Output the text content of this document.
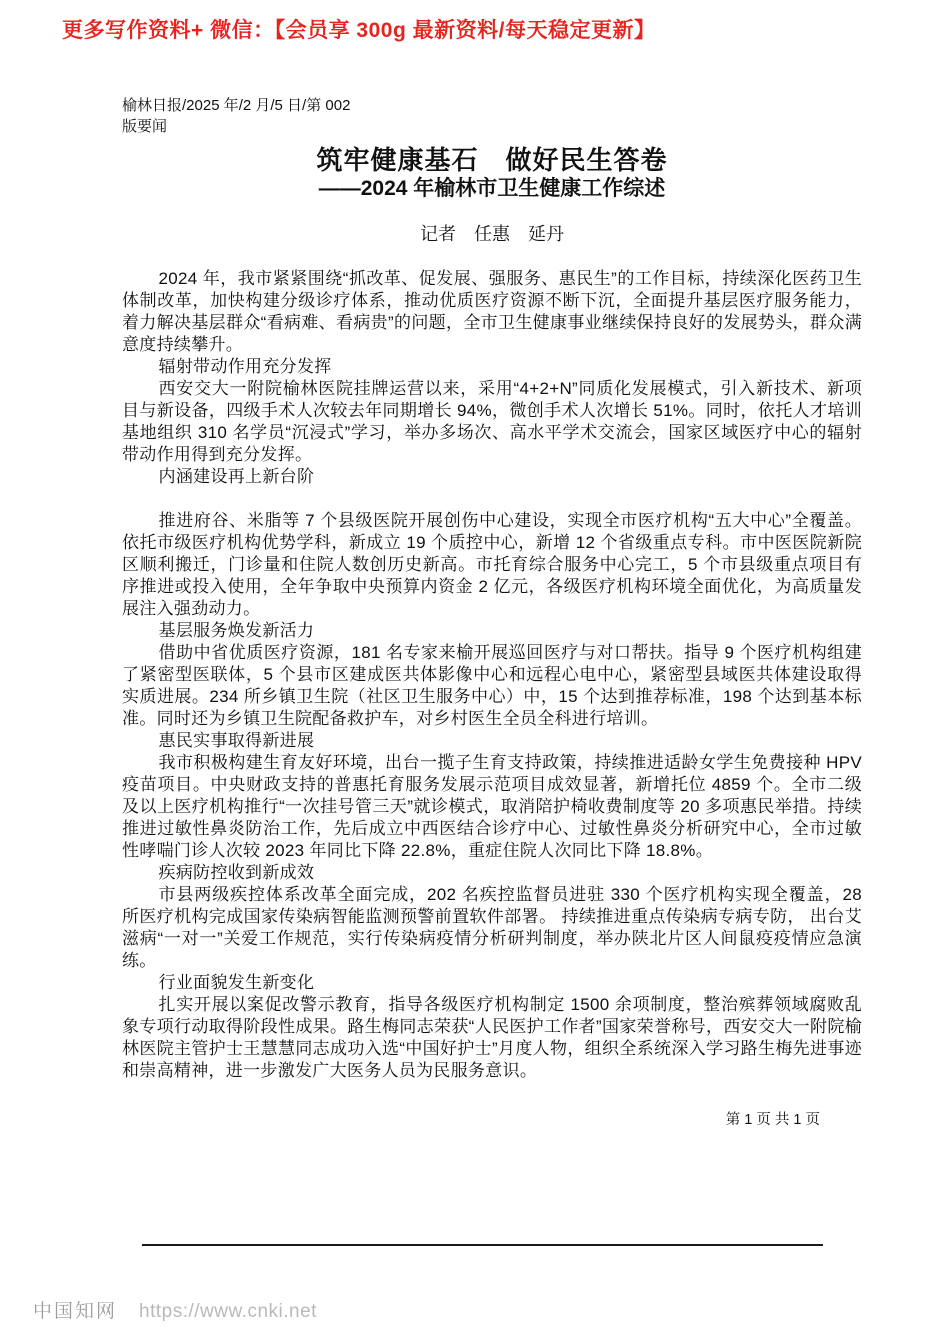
更多写作资料+ 微信：【会员享 300g 最新资料/每天稳定更新】
榆林日报/2025 年/2 月/5 日/第 002
版要闻
筑牢健康基石　做好民生答卷
——2024 年榆林市卫生健康工作综述
记者　任惠　延丹
2024 年，我市紧紧围绕“抓改革、促发展、强服务、惠民生”的工作目标，持续深化医药卫生体制改革，加快构建分级诊疗体系，推动优质医疗资源不断下沉，全面提升基层医疗服务能力，着力解决基层群众“看病难、看病贵”的问题，全市卫生健康事业继续保持良好的发展势头，群众满意度持续攀升。
辐射带动作用充分发挥
西安交大一附院榆林医院挂牌运营以来，采用“4+2+N”同质化发展模式，引入新技术、新项目与新设备，四级手术人次较去年同期增长 94%，微创手术人次增长 51%。同时，依托人才培训基地组织 310 名学员“沉浸式”学习，举办多场次、高水平学术交流会，国家区域医疗中心的辐射带动作用得到充分发挥。
内涵建设再上新台阶
推进府谷、米脂等 7 个县级医院开展创伤中心建设，实现全市医疗机构“五大中心”全覆盖。依托市级医疗机构优势学科，新成立 19 个质控中心，新增 12 个省级重点专科。市中医医院新院区顺利搬迁，门诊量和住院人数创历史新高。市托育综合服务中心完工，5 个市县级重点项目有序推进或投入使用，全年争取中央预算内资金 2 亿元，各级医疗机构环境全面优化，为高质量发展注入强劲动力。
基层服务焕发新活力
借助中省优质医疗资源，181 名专家来榆开展巡回医疗与对口帮扶。指导 9 个医疗机构组建了紧密型医联体，5 个县市区建成医共体影像中心和远程心电中心，紧密型县域医共体建设取得实质进展。234 所乡镇卫生院（社区卫生服务中心）中，15 个达到推荐标准，198 个达到基本标准。同时还为乡镇卫生院配备救护车，对乡村医生全员全科进行培训。
惠民实事取得新进展
我市积极构建生育友好环境，出台一揽子生育支持政策，持续推进适龄女学生免费接种 HPV 疫苗项目。中央财政支持的普惠托育服务发展示范项目成效显著，新增托位 4859 个。全市二级及以上医疗机构推行“一次挂号管三天”就诊模式，取消陪护椅收费制度等 20 多项惠民举措。持续推进过敏性鼻炎防治工作，先后成立中西医结合诊疗中心、过敏性鼻炎分析研究中心，全市过敏性哮喘门诊人次较 2023 年同比下降 22.8%，重症住院人次同比下降 18.8%。
疾病防控收到新成效
市县两级疾控体系改革全面完成，202 名疾控监督员进驻 330 个医疗机构实现全覆盖，28 所医疗机构完成国家传染病智能监测预警前置软件部署。 持续推进重点传染病专病专防， 出台艾滋病“一对一”关爱工作规范，实行传染病疫情分析研判制度，举办陕北片区人间鼠疫疫情应急演练。
行业面貌发生新变化
扎实开展以案促改警示教育，指导各级医疗机构制定 1500 余项制度，整治殡葬领域腐败乱象专项行动取得阶段性成果。路生梅同志荣获“人民医护工作者”国家荣誉称号，西安交大一附院榆林医院主管护士王慧慧同志成功入选“中国好护士”月度人物，组织全系统深入学习路生梅先进事迹和崇高精神，进一步激发广大医务人员为民服务意识。
第 1 页 共 1 页
中国知网 https://www.cnki.net
